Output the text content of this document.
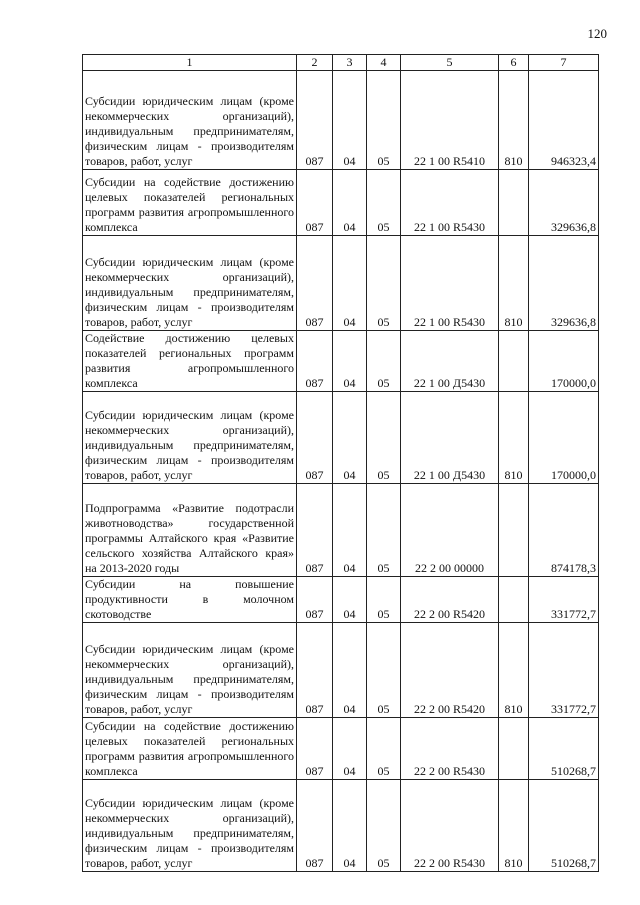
120
1	2	3	4	5	6	7
Субсидии юридическим лицам (кроме некоммерческих организаций), индивидуальным предпринимателям, физическим лицам - производителям товаров, работ, услуг	087	04	05	22 1 00 R5410	810	946323,4
Субсидии на содействие достижению целевых показателей региональных программ развития агропромышленного комплекса	087	04	05	22 1 00 R5430		329636,8
Субсидии юридическим лицам (кроме некоммерческих организаций), индивидуальным предпринимателям, физическим лицам - производителям товаров, работ, услуг	087	04	05	22 1 00 R5430	810	329636,8
Содействие достижению целевых показателей региональных программ развития агропромышленного комплекса	087	04	05	22 1 00 Д5430		170000,0
Субсидии юридическим лицам (кроме некоммерческих организаций), индивидуальным предпринимателям, физическим лицам - производителям товаров, работ, услуг	087	04	05	22 1 00 Д5430	810	170000,0
Подпрограмма «Развитие подотрасли животноводства» государственной программы Алтайского края «Развитие сельского хозяйства Алтайского края» на 2013-2020 годы	087	04	05	22 2 00 00000		874178,3
Субсидии на повышение продуктивности в молочном скотоводстве	087	04	05	22 2 00 R5420		331772,7
Субсидии юридическим лицам (кроме некоммерческих организаций), индивидуальным предпринимателям, физическим лицам - производителям товаров, работ, услуг	087	04	05	22 2 00 R5420	810	331772,7
Субсидии на содействие достижению целевых показателей региональных программ развития агропромышленного комплекса	087	04	05	22 2 00 R5430		510268,7
Субсидии юридическим лицам (кроме некоммерческих организаций), индивидуальным предпринимателям, физическим лицам - производителям товаров, работ, услуг	087	04	05	22 2 00 R5430	810	510268,7
